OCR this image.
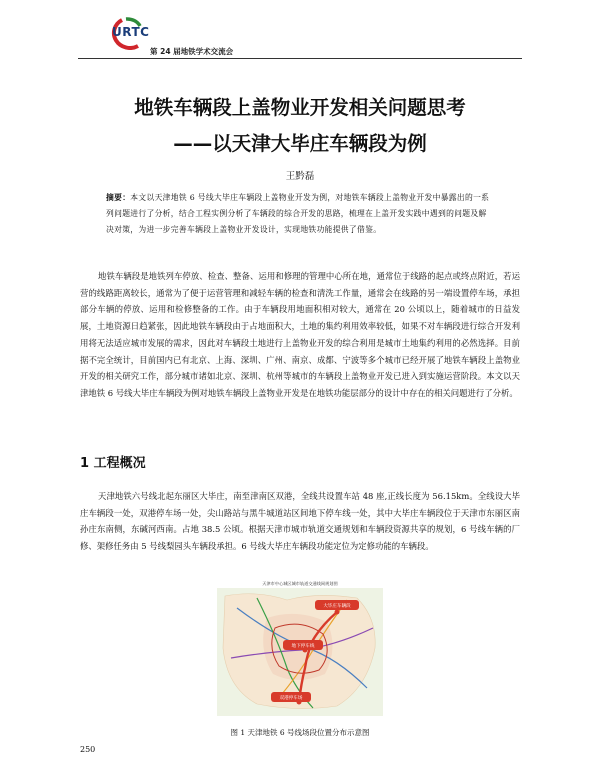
URTC
第 24 届地铁学术交流会
地铁车辆段上盖物业开发相关问题思考
——以天津大毕庄车辆段为例
王黔磊
摘要：本文以天津地铁 6 号线大毕庄车辆段上盖物业开发为例，对地铁车辆段上盖物业开发中暴露出的一系列问题进行了分析，结合工程实例分析了车辆段的综合开发的思路，梳理在上盖开发实践中遇到的问题及解决对策，为进一步完善车辆段上盖物业开发设计，实现地铁功能提供了借鉴。
地铁车辆段是地铁列车停放、检查、整备、运用和修理的管理中心所在地，通常位于线路的起点或终点附近，若运营的线路距离较长，通常为了便于运营管理和减轻车辆的检查和清洗工作量，通常会在线路的另一端设置停车场，承担部分车辆的停放、运用和检修整备的工作。由于车辆段用地面积相对较大，通常在 20 公顷以上，随着城市的日益发展，土地资源日趋紧张，因此地铁车辆段由于占地面积大，土地的集约利用效率较低，如果不对车辆段进行综合开发利用将无法适应城市发展的需求，因此对车辆段土地进行上盖物业开发的综合利用是城市土地集约利用的必然选择。目前据不完全统计，目前国内已有北京、上海、深圳、广州、南京、成都、宁波等多个城市已经开展了地铁车辆段上盖物业开发的相关研究工作，部分城市诸如北京、深圳、杭州等城市的车辆段上盖物业开发已进入到实施运营阶段。本文以天津地铁 6 号线大毕庄车辆段为例对地铁车辆段上盖物业开发是在地铁功能层部分的设计中存在的相关问题进行了分析。
1 工程概况
天津地铁六号线北起东丽区大毕庄，南至津南区双港，全线共设置车站 48 座,正线长度为 56.15km。全线设大毕庄车辆段一处，双港停车场一处，尖山路站与黑牛城道站区间地下停车线一处，其中大毕庄车辆段位于天津市东丽区南孙庄东南侧，东碱河西南。占地 38.5 公顷。根据天津市城市轨道交通规划和车辆段资源共享的规划，6 号线车辆的厂修、架修任务由 5 号线梨园头车辆段承担。6 号线大毕庄车辆段功能定位为定修功能的车辆段。
天津市中心城区城市轨道交通线网规划图
大毕庄车辆段
地下停车线
双港停车场
图 1 天津地铁 6 号线场段位置分布示意图
250
